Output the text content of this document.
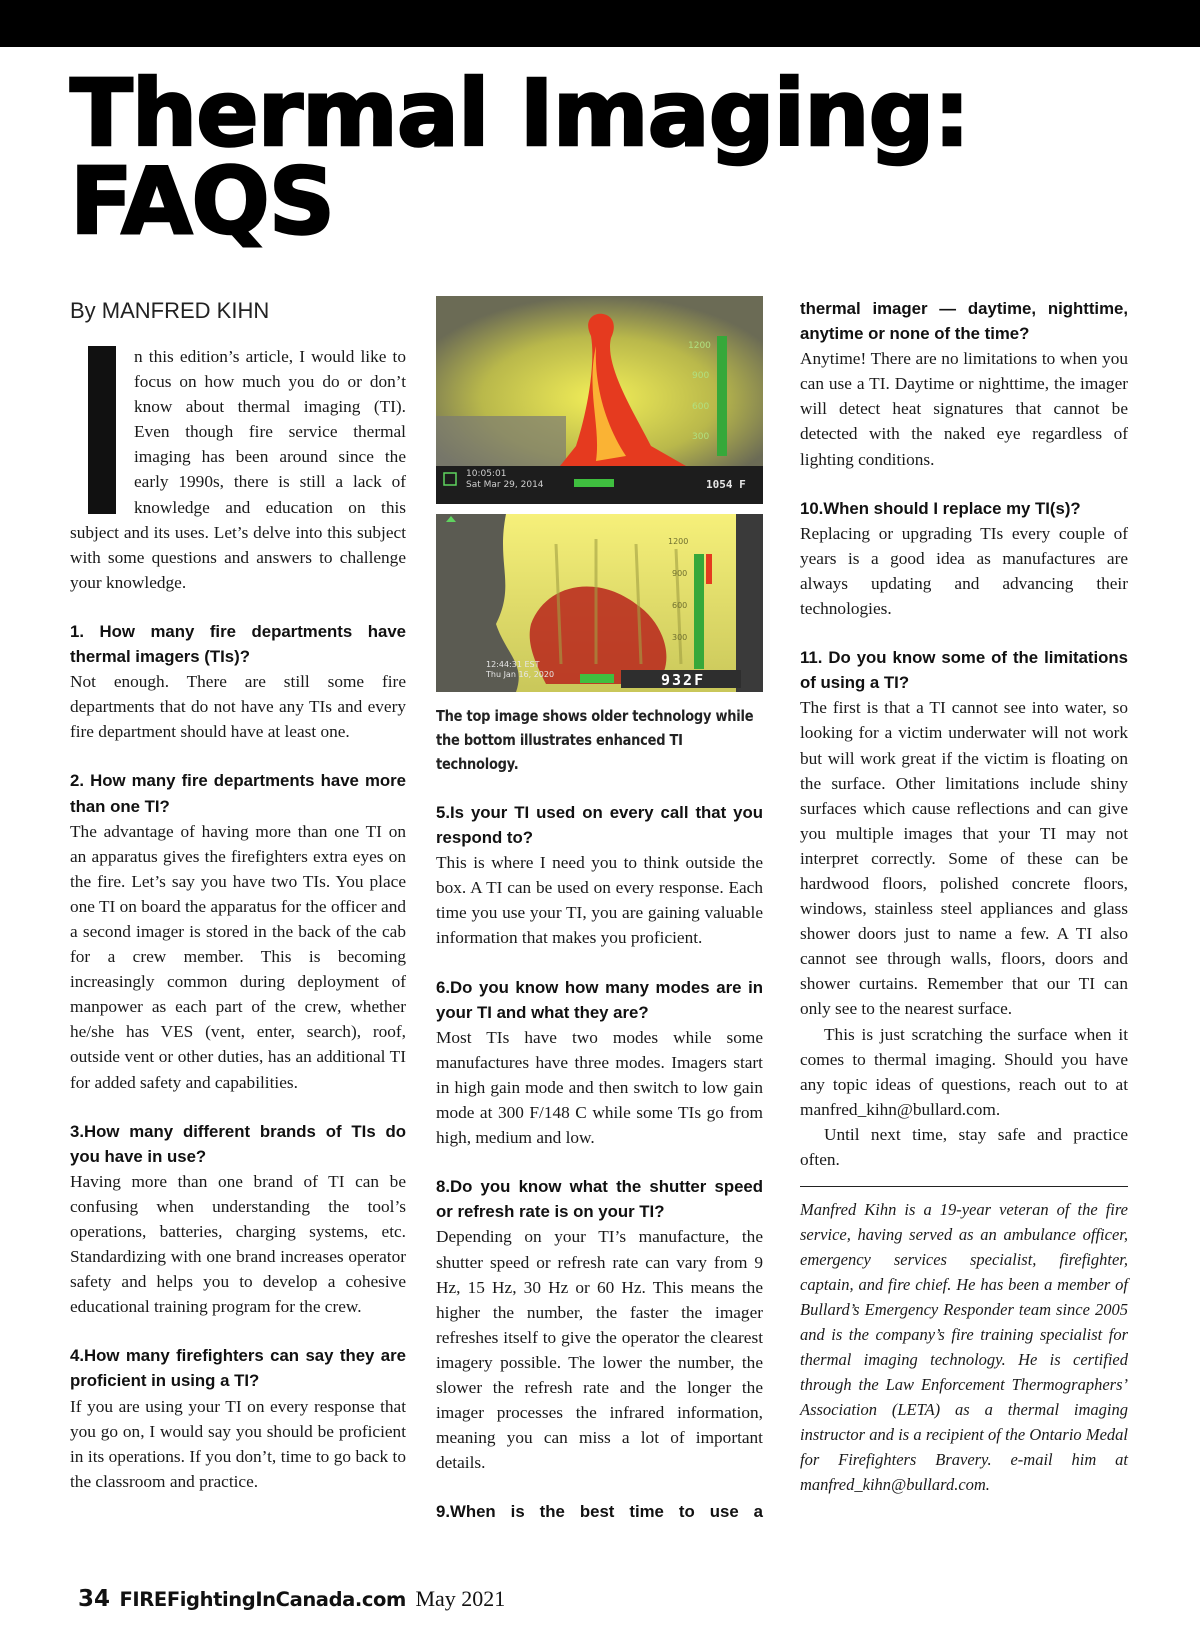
Thermal Imaging:
FAQS
By MANFRED KIHN

n this edition’s article, I would like to focus on how much you do or don’t know about thermal imaging (TI). Even though fire service thermal imaging has been around since the early 1990s, there is still a lack of knowledge and education on this subject and its uses. Let’s delve into this subject with some questions and answers to challenge your knowledge.

1. How many fire departments have thermal imagers (TIs)?

Not enough. There are still some fire departments that do not have any TIs and every fire department should have at least one.

2. How many fire departments have more than one TI?

The advantage of having more than one TI on an apparatus gives the firefighters extra eyes on the fire. Let’s say you have two TIs. You place one TI on board the apparatus for the officer and a second imager is stored in the back of the cab for a crew member. This is becoming increasingly common during deployment of manpower as each part of the crew, whether he/she has VES (vent, enter, search), roof, outside vent or other duties, has an additional TI for added safety and capabilities.

3.How many different brands of TIs do you have in use?

Having more than one brand of TI can be confusing when understanding the tool’s operations, batteries, charging systems, etc. Standardizing with one brand increases operator safety and helps you to develop a cohesive educational training program for the crew.

4.How many firefighters can say they are proficient in using a TI?

If you are using your TI on every response that you go on, I would say you should be proficient in its operations. If you don’t, time to go back to the classroom and practice.

1200
900
600
300
10:05:01
Sat Mar 29, 2014	1054 F
1200
900
600
300
12:44:31 EST
Thu Jan 16, 2020	932F
The top image shows older technology while the bottom illustrates enhanced TI technology.
5.Is your TI used on every call that you respond to?

This is where I need you to think outside the box. A TI can be used on every response. Each time you use your TI, you are gaining valuable information that makes you proficient.

6.Do you know how many modes are in your TI and what they are?

Most TIs have two modes while some manufactures have three modes. Imagers start in high gain mode and then switch to low gain mode at 300 F/148 C while some TIs go from high, medium and low.

8.Do you know what the shutter speed or refresh rate is on your TI?

Depending on your TI’s manufacture, the shutter speed or refresh rate can vary from 9 Hz, 15 Hz, 30 Hz or 60 Hz. This means the higher the number, the faster the imager refreshes itself to give the operator the clearest imagery possible. The lower the number, the slower the refresh rate and the longer the imager processes the infrared information, meaning you can miss a lot of important details.

9.When is the best time to use a
thermal imager — daytime, nighttime, anytime or none of the time?

Anytime! There are no limitations to when you can use a TI. Daytime or nighttime, the imager will detect heat signatures that cannot be detected with the naked eye regardless of lighting conditions.

10.When should I replace my TI(s)?

Replacing or upgrading TIs every couple of years is a good idea as manufactures are always updating and advancing their technologies.

11. Do you know some of the limitations of using a TI?

The first is that a TI cannot see into water, so looking for a victim underwater will not work but will work great if the victim is floating on the surface. Other limitations include shiny surfaces which cause reflections and can give you multiple images that your TI may not interpret correctly. Some of these can be hardwood floors, polished concrete floors, windows, stainless steel appliances and glass shower doors just to name a few. A TI also cannot see through walls, floors, doors and shower curtains. Remember that our TI can only see to the nearest surface.

This is just scratching the surface when it comes to thermal imaging. Should you have any topic ideas of questions, reach out to at manfred_kihn@bullard.com.

Until next time, stay safe and practice often.

Manfred Kihn is a 19-year veteran of the fire service, having served as an ambulance officer, emergency services specialist, firefighter, captain, and fire chief. He has been a member of Bullard’s Emergency Responder team since 2005 and is the company’s fire training specialist for thermal imaging technology. He is certified through the Law Enforcement Thermographers’ Association (LETA) as a thermal imaging instructor and is a recipient of the Ontario Medal for Firefighters Bravery. e-mail him at manfred_kihn@bullard.com.

34 FIREFightingInCanada.com May 2021
